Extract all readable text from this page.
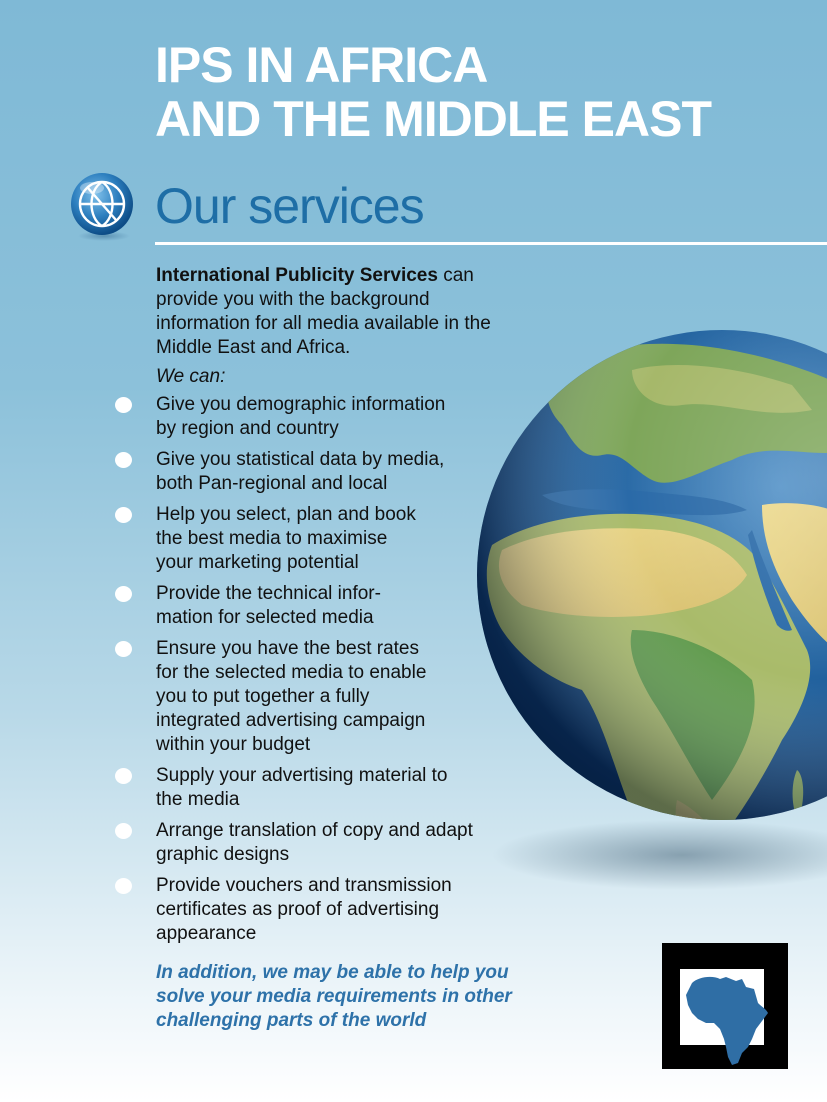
IPS IN AFRICA
AND THE MIDDLE EAST
Our services

International Publicity Services can provide you with the background information for all media available in the Middle East and Africa.

We can:

Give you demographic information
by region and country
Give you statistical data by media,
both Pan-regional and local
Help you select, plan and book
the best media to maximise
your marketing potential
Provide the technical infor-
mation for selected media
Ensure you have the best rates
for the selected media to enable
you to put together a fully
integrated advertising campaign
within your budget
Supply your advertising material to
the media
Arrange translation of copy and adapt
graphic designs
Provide vouchers and transmission
certificates as proof of advertising
appearance

In addition, we may be able to help you
solve your media requirements in other
challenging parts of the world
